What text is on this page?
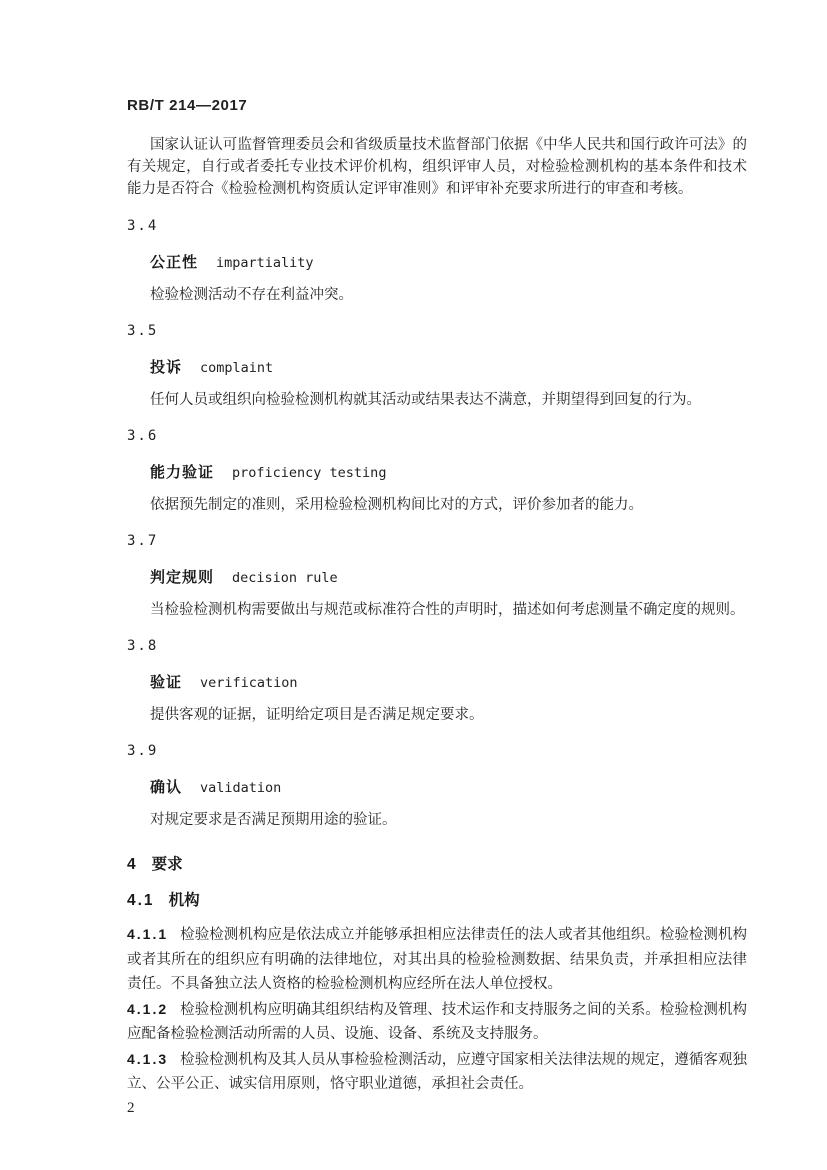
RB/T 214—2017

国家认证认可监督管理委员会和省级质量技术监督部门依据《中华人民共和国行政许可法》的有关规定，自行或者委托专业技术评价机构，组织评审人员，对检验检测机构的基本条件和技术能力是否符合《检验检测机构资质认定评审准则》和评审补充要求所进行的审查和考核。

3.4
公正性 impartiality

检验检测活动不存在利益冲突。

3.5
投诉 complaint

任何人员或组织向检验检测机构就其活动或结果表达不满意，并期望得到回复的行为。

3.6
能力验证 proficiency testing

依据预先制定的准则，采用检验检测机构间比对的方式，评价参加者的能力。

3.7
判定规则 decision rule

当检验检测机构需要做出与规范或标准符合性的声明时，描述如何考虑测量不确定度的规则。

3.8
验证 verification

提供客观的证据，证明给定项目是否满足规定要求。

3.9
确认 validation

对规定要求是否满足预期用途的验证。

4 要求
4.1 机构

4.1.1 检验检测机构应是依法成立并能够承担相应法律责任的法人或者其他组织。检验检测机构或者其所在的组织应有明确的法律地位，对其出具的检验检测数据、结果负责，并承担相应法律责任。不具备独立法人资格的检验检测机构应经所在法人单位授权。

4.1.2 检验检测机构应明确其组织结构及管理、技术运作和支持服务之间的关系。检验检测机构应配备检验检测活动所需的人员、设施、设备、系统及支持服务。

4.1.3 检验检测机构及其人员从事检验检测活动，应遵守国家相关法律法规的规定，遵循客观独立、公平公正、诚实信用原则，恪守职业道德，承担社会责任。

2
